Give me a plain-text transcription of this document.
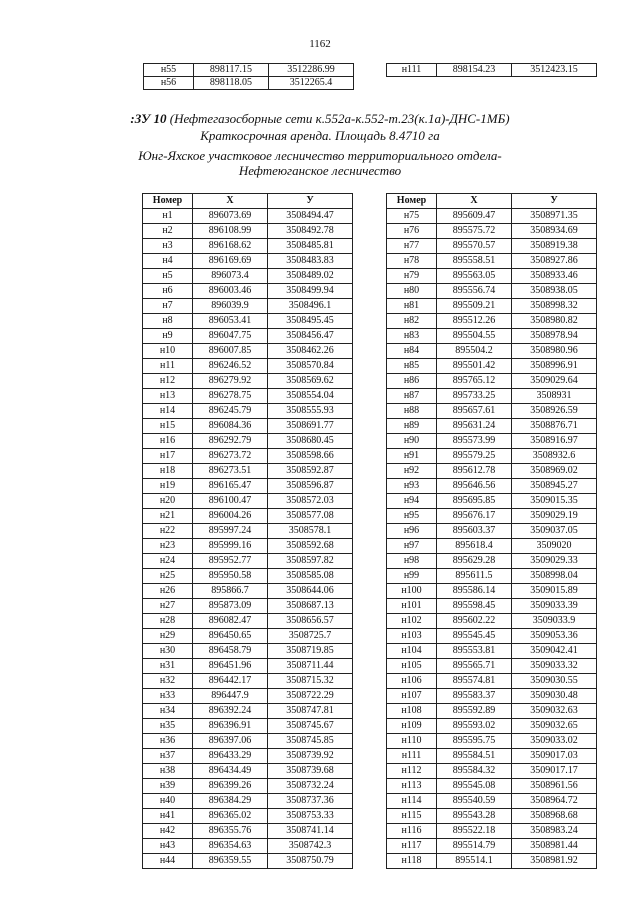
1162
н55	898117.15	3512286.99
н56	898118.05	3512265.4
н111	898154.23	3512423.15
:ЗУ 10 (Нефтегазосборные сети к.552а-к.552-т.23(к.1а)-ДНС-1МБ)
Краткосрочная аренда. Площадь 8.4710 га
Юнг-Яхское участковое лесничество территориального отдела-
Нефтеюганское лесничество
Номер	X	У
н1	896073.69	3508494.47
н2	896108.99	3508492.78
н3	896168.62	3508485.81
н4	896169.69	3508483.83
н5	896073.4	3508489.02
н6	896003.46	3508499.94
н7	896039.9	3508496.1
н8	896053.41	3508495.45
н9	896047.75	3508456.47
н10	896007.85	3508462.26
н11	896246.52	3508570.84
н12	896279.92	3508569.62
н13	896278.75	3508554.04
н14	896245.79	3508555.93
н15	896084.36	3508691.77
н16	896292.79	3508680.45
н17	896273.72	3508598.66
н18	896273.51	3508592.87
н19	896165.47	3508596.87
н20	896100.47	3508572.03
н21	896004.26	3508577.08
н22	895997.24	3508578.1
н23	895999.16	3508592.68
н24	895952.77	3508597.82
н25	895950.58	3508585.08
н26	895866.7	3508644.06
н27	895873.09	3508687.13
н28	896082.47	3508656.57
н29	896450.65	3508725.7
н30	896458.79	3508719.85
н31	896451.96	3508711.44
н32	896442.17	3508715.32
н33	896447.9	3508722.29
н34	896392.24	3508747.81
н35	896396.91	3508745.67
н36	896397.06	3508745.85
н37	896433.29	3508739.92
н38	896434.49	3508739.68
н39	896399.26	3508732.24
н40	896384.29	3508737.36
н41	896365.02	3508753.33
н42	896355.76	3508741.14
н43	896354.63	3508742.3
н44	896359.55	3508750.79
Номер	X	У
н75	895609.47	3508971.35
н76	895575.72	3508934.69
н77	895570.57	3508919.38
н78	895558.51	3508927.86
н79	895563.05	3508933.46
н80	895556.74	3508938.05
н81	895509.21	3508998.32
н82	895512.26	3508980.82
н83	895504.55	3508978.94
н84	895504.2	3508980.96
н85	895501.42	3508996.91
н86	895765.12	3509029.64
н87	895733.25	3508931
н88	895657.61	3508926.59
н89	895631.24	3508876.71
н90	895573.99	3508916.97
н91	895579.25	3508932.6
н92	895612.78	3508969.02
н93	895646.56	3508945.27
н94	895695.85	3509015.35
н95	895676.17	3509029.19
н96	895603.37	3509037.05
н97	895618.4	3509020
н98	895629.28	3509029.33
н99	895611.5	3508998.04
н100	895586.14	3509015.89
н101	895598.45	3509033.39
н102	895602.22	3509033.9
н103	895545.45	3509053.36
н104	895553.81	3509042.41
н105	895565.71	3509033.32
н106	895574.81	3509030.55
н107	895583.37	3509030.48
н108	895592.89	3509032.63
н109	895593.02	3509032.65
н110	895595.75	3509033.02
н111	895584.51	3509017.03
н112	895584.32	3509017.17
н113	895545.08	3508961.56
н114	895540.59	3508964.72
н115	895543.28	3508968.68
н116	895522.18	3508983.24
н117	895514.79	3508981.44
н118	895514.1	3508981.92
